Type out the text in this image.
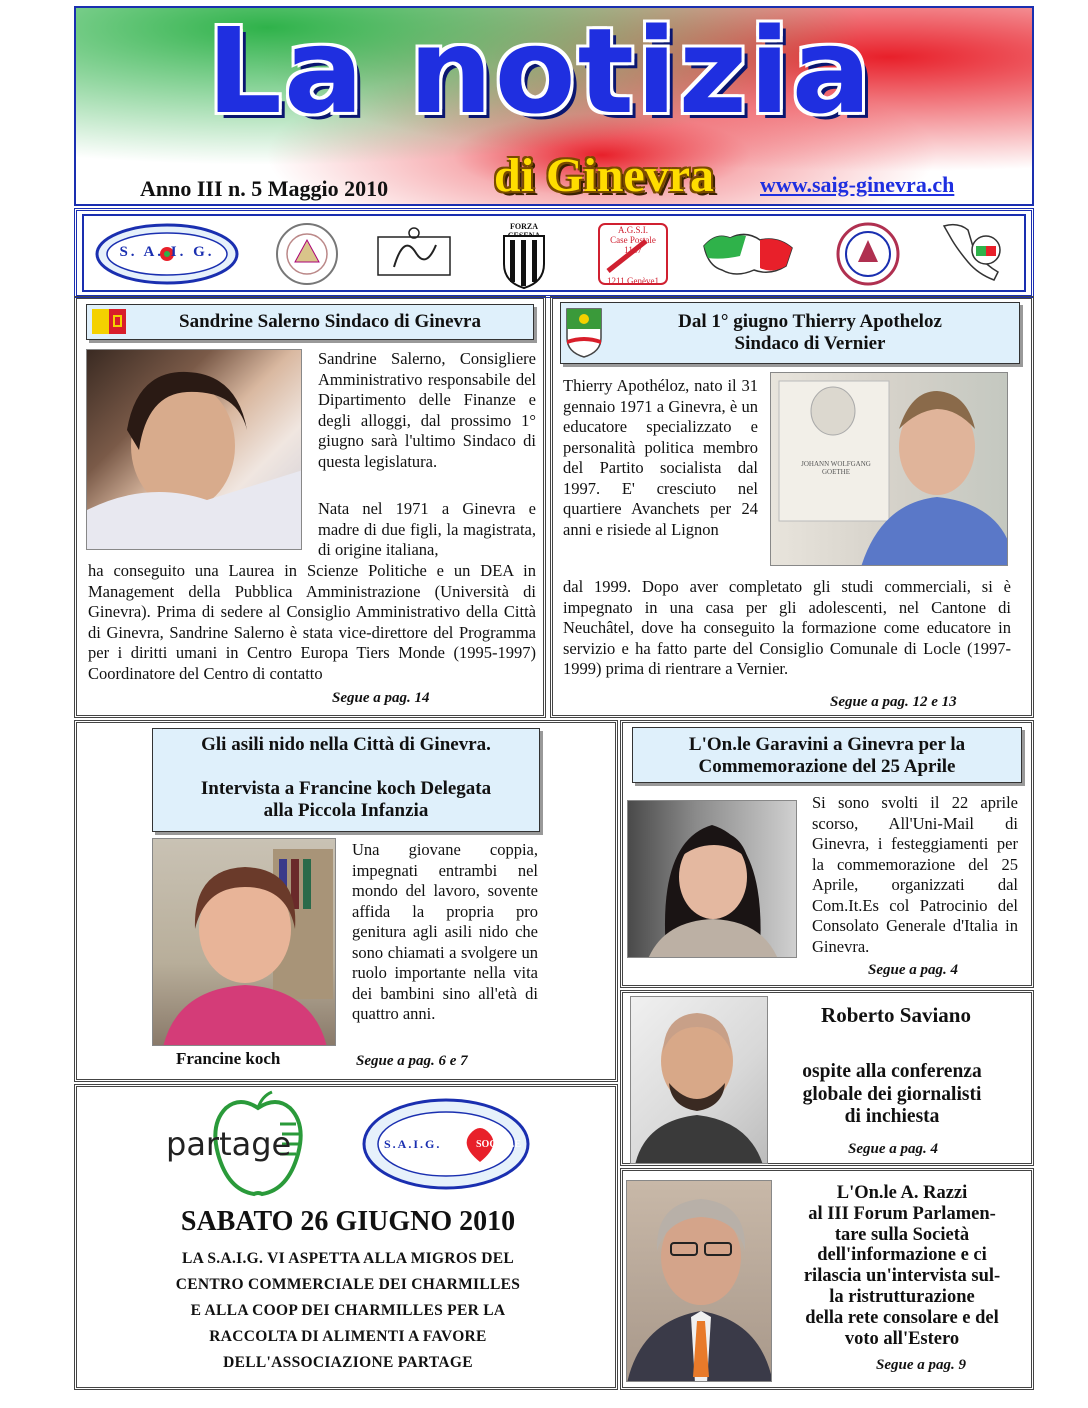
La notizia
di Ginevra
Anno III n. 5 Maggio 2010	www.saig-ginevra.ch
S. A. I. G.
FORZA	A.G.S.I.
Case Postale
1147
1211 Genève1
Sandrine Salerno Sindaco di Ginevra
Sandrine Salerno, Consigliere Amministrativo responsabile del Dipartimento delle Finanze e degli alloggi, dal prossimo 1° giugno sarà l'ultimo Sindaco di questa legislatura.
Nata nel 1971 a Ginevra e madre di due figli, la magistrata, di origine italiana,
ha conseguito una Laurea in Scienze Politiche e un DEA in Management della Pubblica Amministrazione (Università di Ginevra). Prima di sedere al Consiglio Amministrativo della Città di Ginevra, Sandrine Salerno è stata vice-direttore del Programma per i diritti umani in Centro Europa Tiers Monde (1995-1997) Coordinatore del Centro di contatto
Segue a pag. 14
Dal 1° giugno Thierry Apotheloz
Sindaco di Vernier
Thierry Apothéloz, nato il 31 gennaio 1971 a Ginevra, è un educatore specializzato e personalità politica membro del Partito socialista dal 1997. E' cresciuto nel quartiere Avanchets per 24 anni e risiede al Lignon
JOHANN WOLFGANG GOETHE
dal 1999. Dopo aver completato gli studi commerciali, si è impegnato in una casa per gli adolescenti, nel Cantone di Neuchâtel, dove ha conseguito la formazione come educatore in servizio e ha fatto parte del Consiglio Comunale di Locle (1997-1999) prima di rientrare a Vernier.
Segue a pag. 12 e 13
Gli asili nido nella Città di Ginevra.
Intervista a Francine koch Delegata
alla Piccola Infanzia
Francine koch
Una giovane coppia, impegnati entrambi nel mondo del lavoro, sovente affida la propria pro genitura agli asili nido che sono chiamati a svolgere un ruolo importante nella vita dei bambini sino all'età di quattro anni.
Segue a pag. 6 e 7
L'On.le Garavini a Ginevra per la
Commemorazione del 25 Aprile
Si sono svolti il 22 aprile scorso, All'Uni-Mail di Ginevra, i festeggiamenti per la commemorazione del 25 Aprile, organizzati dal Com.It.Es col Patrocinio del Consolato Generale d'Italia in Ginevra.
Segue a pag. 4
Roberto Saviano
ospite alla conferenza
globale dei giornalisti
di inchiesta
Segue a pag. 4
L'On.le A. Razzi
al III Forum Parlamen-
tare sulla Società
dell'informazione e ci
rilascia un'intervista sul-
la ristrutturazione
della rete consolare e del
voto all'Estero
Segue a pag. 9
partage	S.A.I.G.	SOCIALE
SABATO 26 GIUGNO 2010
LA S.A.I.G. VI ASPETTA ALLA MIGROS DEL
CENTRO COMMERCIALE DEI CHARMILLES
E ALLA COOP DEI CHARMILLES PER LA
RACCOLTA DI ALIMENTI A FAVORE
DELL'ASSOCIAZIONE PARTAGE
